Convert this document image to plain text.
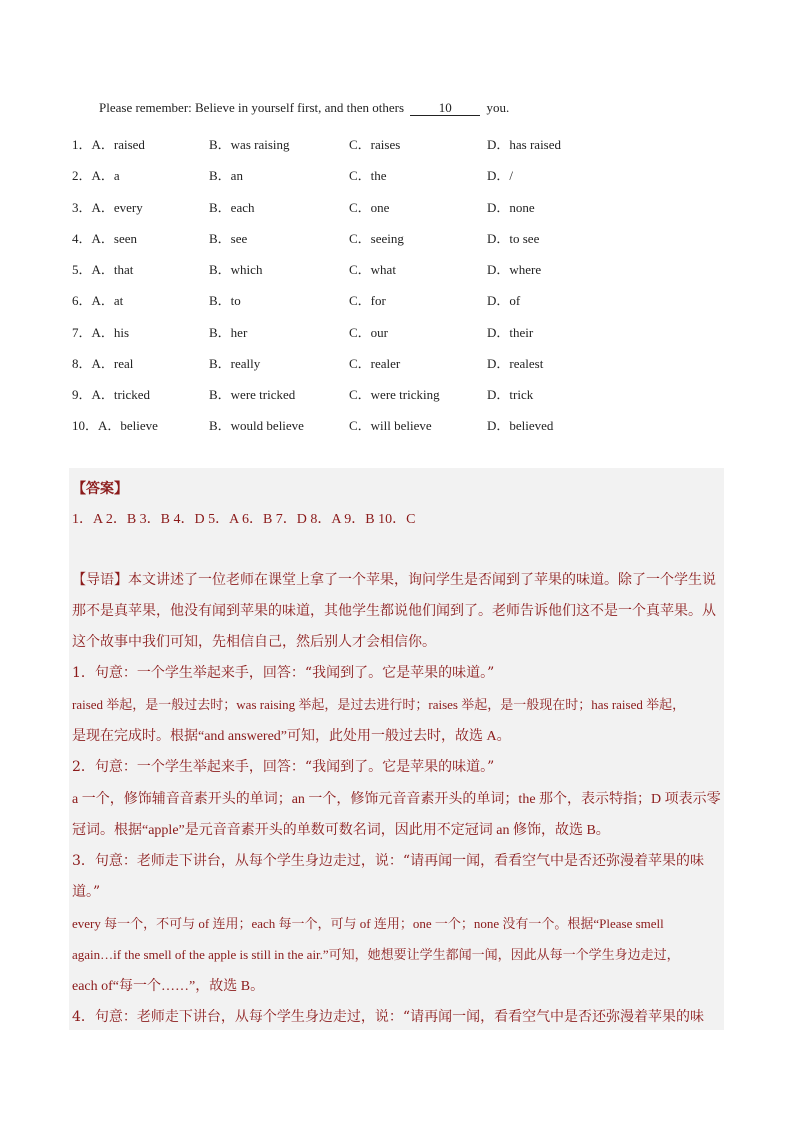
Please remember: Believe in yourself first, and then others 10 you.
1．A．raised	B．was raising	C．raises	D．has raised
2．A．a	B．an	C．the	D．/
3．A．every	B．each	C．one	D．none
4．A．seen	B．see	C．seeing	D．to see
5．A．that	B．which	C．what	D．where
6．A．at	B．to	C．for	D．of
7．A．his	B．her	C．our	D．their
8．A．real	B．really	C．realer	D．realest
9．A．tricked	B．were tricked	C．were tricking	D．trick
10．A．believe	B．would believe	C．will believe	D．believed
【答案】
1．A 2．B 3．B 4．D 5．A 6．B 7．D 8．A 9．B 10．C
【导语】本文讲述了一位老师在课堂上拿了一个苹果，询问学生是否闻到了苹果的味道。除了一个学生说
那不是真苹果，他没有闻到苹果的味道，其他学生都说他们闻到了。老师告诉他们这不是一个真苹果。从
这个故事中我们可知，先相信自己，然后别人才会相信你。
1．句意：一个学生举起来手，回答：“我闻到了。它是苹果的味道。”
raised 举起，是一般过去时；was raising 举起，是过去进行时；raises 举起，是一般现在时；has raised 举起，
是现在完成时。根据“and answered”可知，此处用一般过去时，故选 A。
2．句意：一个学生举起来手，回答：“我闻到了。它是苹果的味道。”
a 一个，修饰辅音音素开头的单词；an 一个，修饰元音音素开头的单词；the 那个，表示特指；D 项表示零
冠词。根据“apple”是元音音素开头的单数可数名词，因此用不定冠词 an 修饰，故选 B。
3．句意：老师走下讲台，从每个学生身边走过，说：“请再闻一闻，看看空气中是否还弥漫着苹果的味
道。”
every 每一个，不可与 of 连用；each 每一个，可与 of 连用；one 一个；none 没有一个。根据“Please smell
again…if the smell of the apple is still in the air.”可知，她想要让学生都闻一闻，因此从每一个学生身边走过，
each of“每一个……”，故选 B。
4．句意：老师走下讲台，从每个学生身边走过，说：“请再闻一闻，看看空气中是否还弥漫着苹果的味
